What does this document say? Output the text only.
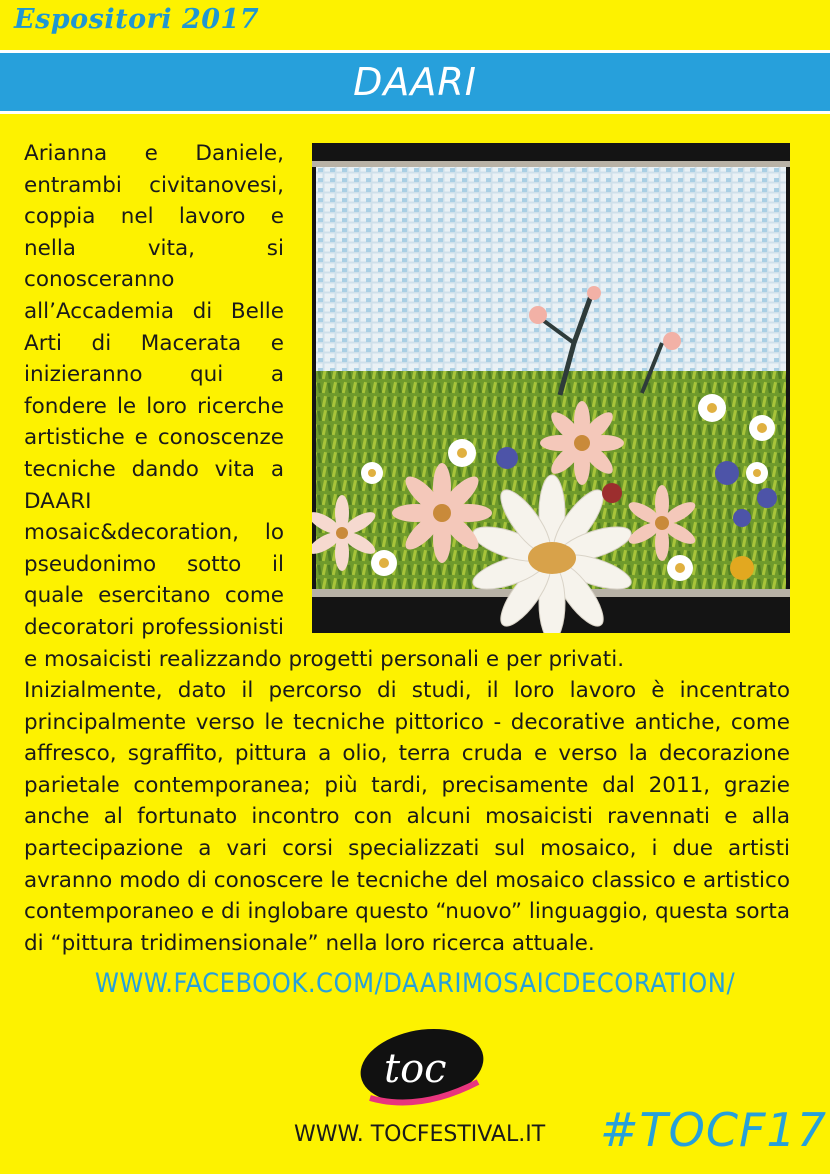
Espositori 2017
DAARI

Arianna e Daniele, entrambi civitanovesi, coppia nel lavoro e nella vita, si conosceranno all’Accademia di Belle Arti di Macerata e inizieranno qui a fondere le loro ricerche artistiche e conoscenze tecniche dando vita a DAARI mosaic&decoration, lo pseudonimo sotto il quale esercitano come decoratori professionisti e mosaicisti realizzando progetti personali e per privati.

Inizialmente, dato il percorso di studi, il loro lavoro è incentrato principalmente verso le tecniche pittorico - decorative antiche, come affresco, sgraffito, pittura a olio, terra cruda e verso la decorazione parietale contemporanea; più tardi, precisamente dal 2011, grazie anche al fortunato incontro con alcuni mosaicisti ravennati e alla partecipazione a vari corsi specializzati sul mosaico, i due artisti avranno modo di conoscere le tecniche del mosaico classico e artistico contemporaneo e di inglobare questo “nuovo” linguaggio, questa sorta di “pittura tridimensionale” nella loro ricerca attuale.

WWW.FACEBOOK.COM/DAARIMOSAICDECORATION/
toc
WWW. TOCFESTIVAL.IT #TOCF17
